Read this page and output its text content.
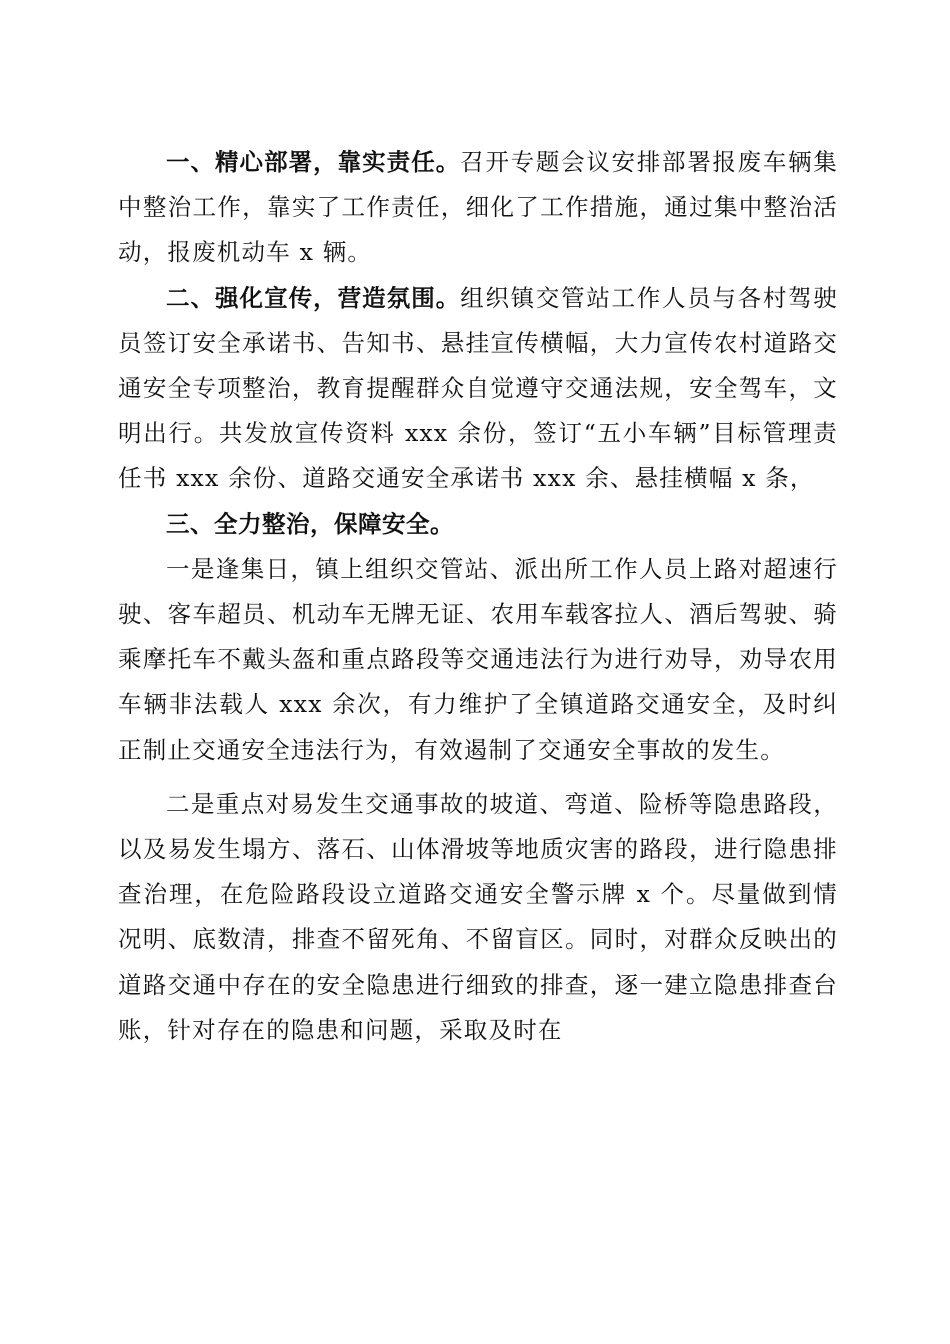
一、精心部署，靠实责任。召开专题会议安排部署报废车辆集中整治工作，靠实了工作责任，细化了工作措施，通过集中整治活动，报废机动车 x 辆。

二、强化宣传，营造氛围。组织镇交管站工作人员与各村驾驶员签订安全承诺书、告知书、悬挂宣传横幅，大力宣传农村道路交通安全专项整治，教育提醒群众自觉遵守交通法规，安全驾车，文明出行。共发放宣传资料 xxx 余份，签订“五小车辆”目标管理责任书 xxx 余份、道路交通安全承诺书 xxx 余、悬挂横幅 x 条，

三、全力整治，保障安全。

一是逢集日，镇上组织交管站、派出所工作人员上路对超速行驶、客车超员、机动车无牌无证、农用车载客拉人、酒后驾驶、骑乘摩托车不戴头盔和重点路段等交通违法行为进行劝导，劝导农用车辆非法载人 xxx 余次，有力维护了全镇道路交通安全，及时纠正制止交通安全违法行为，有效遏制了交通安全事故的发生。

二是重点对易发生交通事故的坡道、弯道、险桥等隐患路段，以及易发生塌方、落石、山体滑坡等地质灾害的路段，进行隐患排查治理，在危险路段设立道路交通安全警示牌 x 个。尽量做到情况明、底数清，排查不留死角、不留盲区。同时，对群众反映出的道路交通中存在的安全隐患进行细致的排查，逐一建立隐患排查台账，针对存在的隐患和问题，采取及时在
